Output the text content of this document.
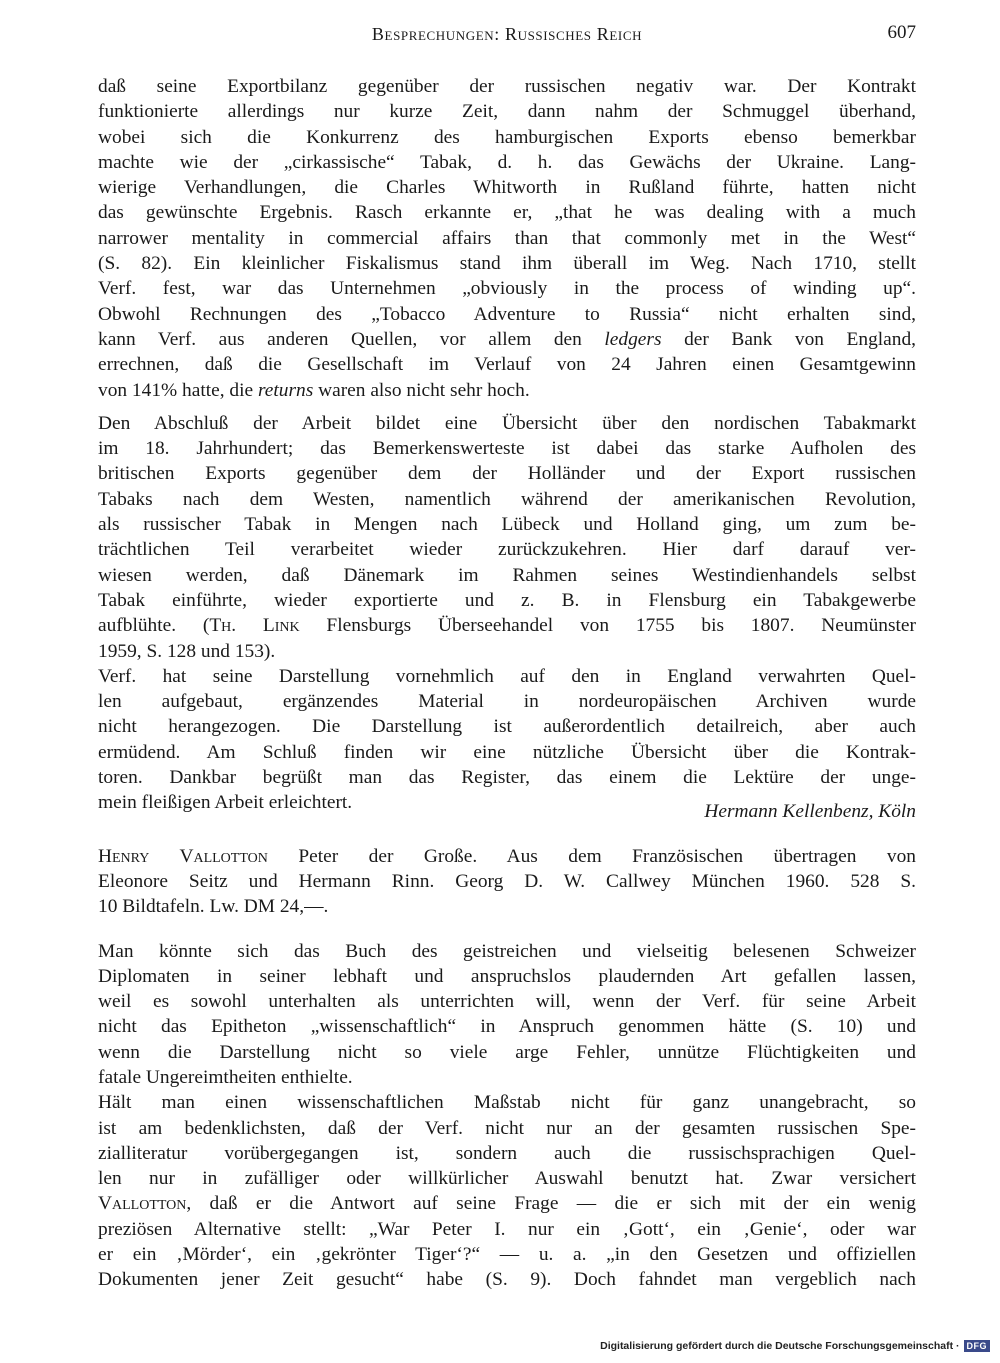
Besprechungen: Russisches Reich	607
daß seine Exportbilanz gegenüber der russischen negativ war. Der Kontrakt
funktionierte allerdings nur kurze Zeit, dann nahm der Schmuggel überhand,
wobei sich die Konkurrenz des hamburgischen Exports ebenso bemerkbar
machte wie der „cirkassische“ Tabak, d. h. das Gewächs der Ukraine. Lang-
wierige Verhandlungen, die Charles Whitworth in Rußland führte, hatten nicht
das gewünschte Ergebnis. Rasch erkannte er, „that he was dealing with a much
narrower mentality in commercial affairs than that commonly met in the West“
(S. 82). Ein kleinlicher Fiskalismus stand ihm überall im Weg. Nach 1710, stellt
Verf. fest, war das Unternehmen „obviously in the process of winding up“.
Obwohl Rechnungen des „Tobacco Adventure to Russia“ nicht erhalten sind,
kann Verf. aus anderen Quellen, vor allem den ledgers der Bank von England,
errechnen, daß die Gesellschaft im Verlauf von 24 Jahren einen Gesamtgewinn
von 141% hatte, die returns waren also nicht sehr hoch.
Den Abschluß der Arbeit bildet eine Übersicht über den nordischen Tabakmarkt
im 18. Jahrhundert; das Bemerkenswerteste ist dabei das starke Aufholen des
britischen Exports gegenüber dem der Holländer und der Export russischen
Tabaks nach dem Westen, namentlich während der amerikanischen Revolution,
als russischer Tabak in Mengen nach Lübeck und Holland ging, um zum be-
trächtlichen Teil verarbeitet wieder zurückzukehren. Hier darf darauf ver-
wiesen werden, daß Dänemark im Rahmen seines Westindienhandels selbst
Tabak einführte, wieder exportierte und z. B. in Flensburg ein Tabakgewerbe
aufblühte. (Th. Link Flensburgs Überseehandel von 1755 bis 1807. Neumünster
1959, S. 128 und 153).
Verf. hat seine Darstellung vornehmlich auf den in England verwahrten Quel-
len aufgebaut, ergänzendes Material in nordeuropäischen Archiven wurde
nicht herangezogen. Die Darstellung ist außerordentlich detailreich, aber auch
ermüdend. Am Schluß finden wir eine nützliche Übersicht über die Kontrak-
toren. Dankbar begrüßt man das Register, das einem die Lektüre der unge-
mein fleißigen Arbeit erleichtert.	Hermann Kellenbenz, Köln
Henry Vallotton Peter der Große. Aus dem Französischen übertragen von
Eleonore Seitz und Hermann Rinn. Georg D. W. Callwey München 1960. 528 S.
10 Bildtafeln. Lw. DM 24,—.
Man könnte sich das Buch des geistreichen und vielseitig belesenen Schweizer
Diplomaten in seiner lebhaft und anspruchslos plaudernden Art gefallen lassen,
weil es sowohl unterhalten als unterrichten will, wenn der Verf. für seine Arbeit
nicht das Epitheton „wissenschaftlich“ in Anspruch genommen hätte (S. 10) und
wenn die Darstellung nicht so viele arge Fehler, unnütze Flüchtigkeiten und
fatale Ungereimtheiten enthielte.
Hält man einen wissenschaftlichen Maßstab nicht für ganz unangebracht, so
ist am bedenklichsten, daß der Verf. nicht nur an der gesamten russischen Spe-
zialliteratur vorübergegangen ist, sondern auch die russischsprachigen Quel-
len nur in zufälliger oder willkürlicher Auswahl benutzt hat. Zwar versichert
Vallotton, daß er die Antwort auf seine Frage — die er sich mit der ein wenig
preziösen Alternative stellt: „War Peter I. nur ein ‚Gott‘, ein ‚Genie‘, oder war
er ein ‚Mörder‘, ein ‚gekrönter Tiger‘?“ — u. a. „in den Gesetzen und offiziellen
Dokumenten jener Zeit gesucht“ habe (S. 9). Doch fahndet man vergeblich nach
Digitalisierung gefördert durch die Deutsche Forschungsgemeinschaft · DFG
